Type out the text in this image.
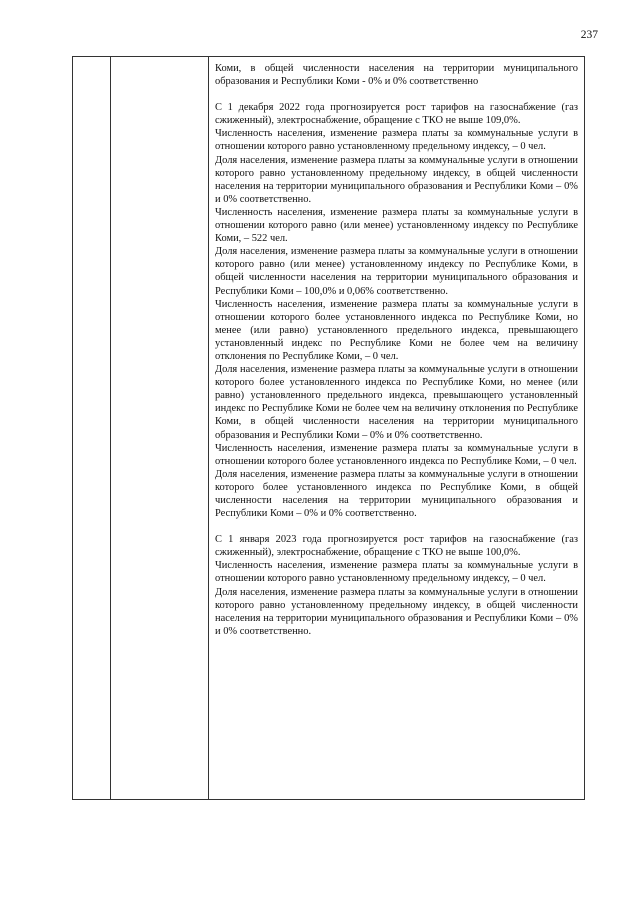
237

Коми, в общей численности населения на территории муниципального образования и Республики Коми - 0% и 0% соответственно

С 1 декабря 2022 года прогнозируется рост тарифов на газоснабжение (газ сжиженный), электроснабжение, обращение с ТКО не выше 109,0%.

Численность населения, изменение размера платы за коммунальные услуги в отношении которого равно установленному предельному индексу, – 0 чел.

Доля населения, изменение размера платы за коммунальные услуги в отношении которого равно установленному предельному индексу, в общей численности населения на территории муниципального образования и Республики Коми – 0% и 0% соответственно.

Численность населения, изменение размера платы за коммунальные услуги в отношении которого равно (или менее) установленному индексу по Республике Коми, – 522 чел.

Доля населения, изменение размера платы за коммунальные услуги в отношении которого равно (или менее) установленному индексу по Республике Коми, в общей численности населения на территории муниципального образования и Республики Коми – 100,0% и 0,06% соответственно.

Численность населения, изменение размера платы за коммунальные услуги в отношении которого более установленного индекса по Республике Коми, но менее (или равно) установленного предельного индекса, превышающего установленный индекс по Республике Коми не более чем на величину отклонения по Республике Коми, – 0 чел.

Доля населения, изменение размера платы за коммунальные услуги в отношении которого более установленного индекса по Республике Коми, но менее (или равно) установленного предельного индекса, превышающего установленный индекс по Республике Коми не более чем на величину отклонения по Республике Коми, в общей численности населения на территории муниципального образования и Республики Коми – 0% и 0% соответственно.

Численность населения, изменение размера платы за коммунальные услуги в отношении которого более установленного индекса по Республике Коми, – 0 чел.

Доля населения, изменение размера платы за коммунальные услуги в отношении которого более установленного индекса по Республике Коми, в общей численности населения на территории муниципального образования и Республики Коми – 0% и 0% соответственно.

С 1 января 2023 года прогнозируется рост тарифов на газоснабжение (газ сжиженный), электроснабжение, обращение с ТКО не выше 100,0%.

Численность населения, изменение размера платы за коммунальные услуги в отношении которого равно установленному предельному индексу, – 0 чел.

Доля населения, изменение размера платы за коммунальные услуги в отношении которого равно установленному предельному индексу, в общей численности населения на территории муниципального образования и Республики Коми – 0% и 0% соответственно.
